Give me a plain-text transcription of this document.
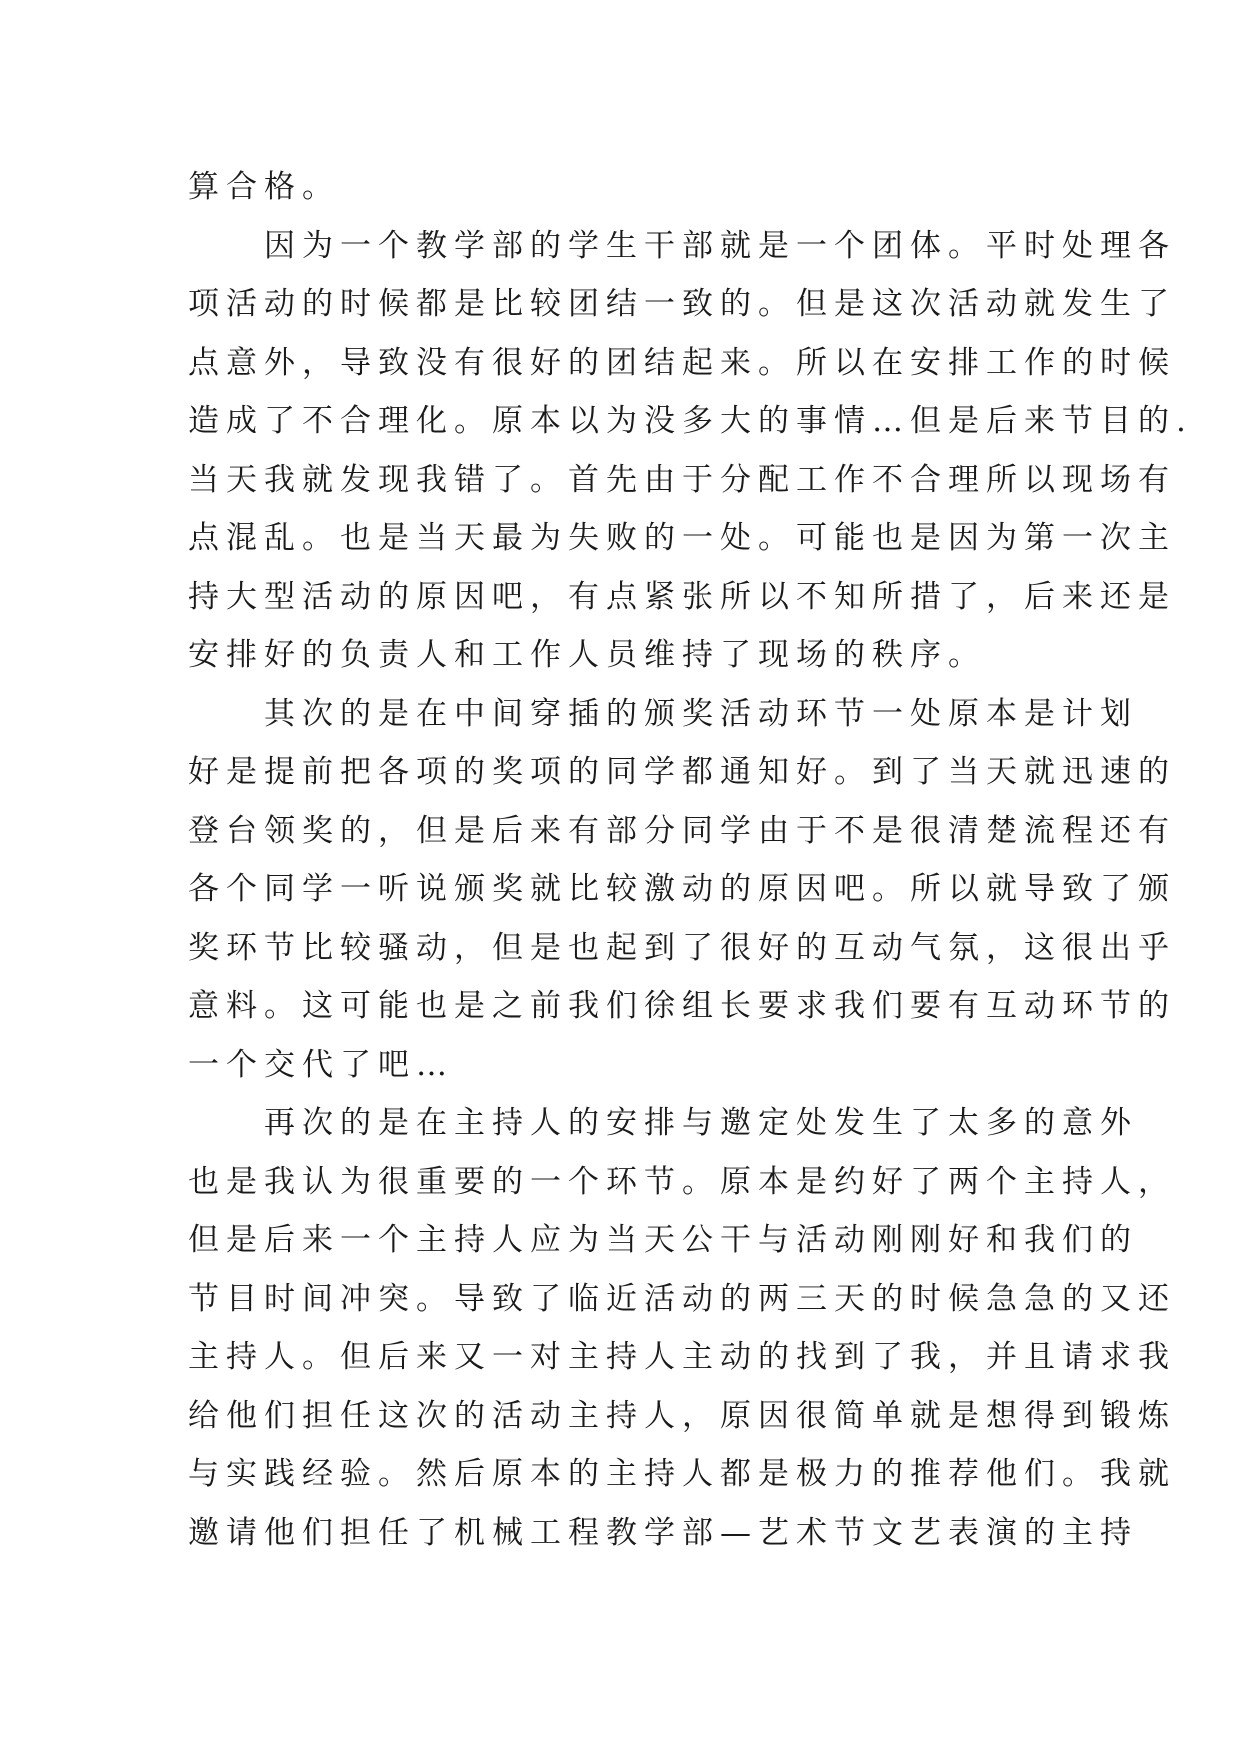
算合格。
　　因为一个教学部的学生干部就是一个团体。平时处理各
项活动的时候都是比较团结一致的。但是这次活动就发生了
点意外，导致没有很好的团结起来。所以在安排工作的时候
造成了不合理化。原本以为没多大的事情…但是后来节目的.
当天我就发现我错了。首先由于分配工作不合理所以现场有
点混乱。也是当天最为失败的一处。可能也是因为第一次主
持大型活动的原因吧，有点紧张所以不知所措了，后来还是
安排好的负责人和工作人员维持了现场的秩序。
　　其次的是在中间穿插的颁奖活动环节一处原本是计划
好是提前把各项的奖项的同学都通知好。到了当天就迅速的
登台领奖的，但是后来有部分同学由于不是很清楚流程还有
各个同学一听说颁奖就比较激动的原因吧。所以就导致了颁
奖环节比较骚动，但是也起到了很好的互动气氛，这很出乎
意料。这可能也是之前我们徐组长要求我们要有互动环节的
一个交代了吧…
　　再次的是在主持人的安排与邀定处发生了太多的意外
也是我认为很重要的一个环节。原本是约好了两个主持人，
但是后来一个主持人应为当天公干与活动刚刚好和我们的
节目时间冲突。导致了临近活动的两三天的时候急急的又还
主持人。但后来又一对主持人主动的找到了我，并且请求我
给他们担任这次的活动主持人，原因很简单就是想得到锻炼
与实践经验。然后原本的主持人都是极力的推荐他们。我就
邀请他们担任了机械工程教学部—艺术节文艺表演的主持
